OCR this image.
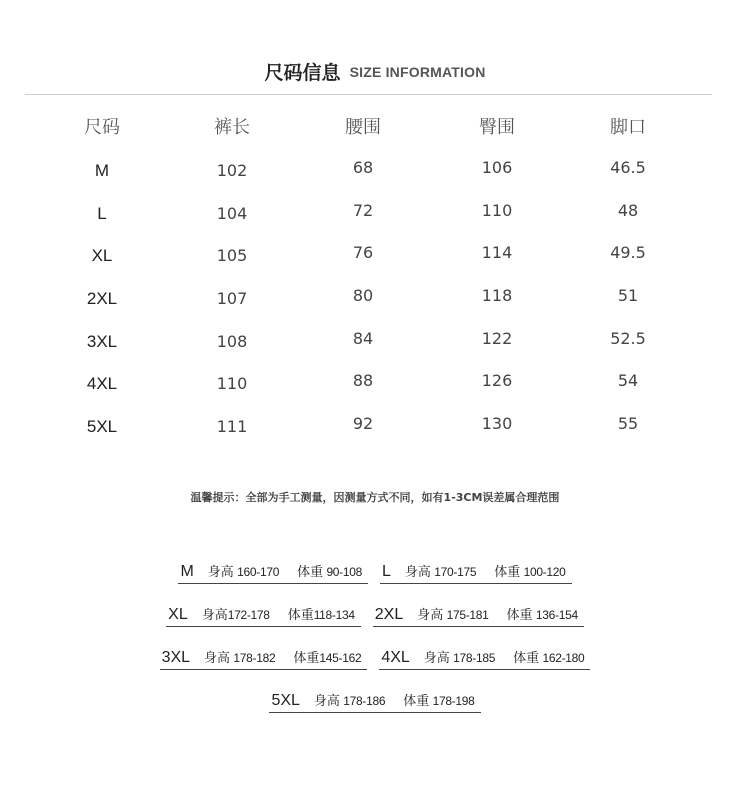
尺码信息 SIZE INFORMATION
尺码	裤长	腰围	臀围	脚口
M	102	68	106	46.5
L	104	72	110	48
XL	105	76	114	49.5
2XL	107	80	118	51
3XL	108	84	122	52.5
4XL	110	88	126	54
5XL	111	92	130	55
温馨提示：全部为手工测量，因测量方式不同，如有1-3CM误差属合理范围
M 身高 160-170 体重 90-108 L 身高 170-175 体重 100-120
XL 身高172-178 体重118-134 2XL 身高 175-181 体重 136-154
3XL 身高 178-182 体重145-162 4XL 身高 178-185 体重 162-180
5XL 身高 178-186 体重 178-198
